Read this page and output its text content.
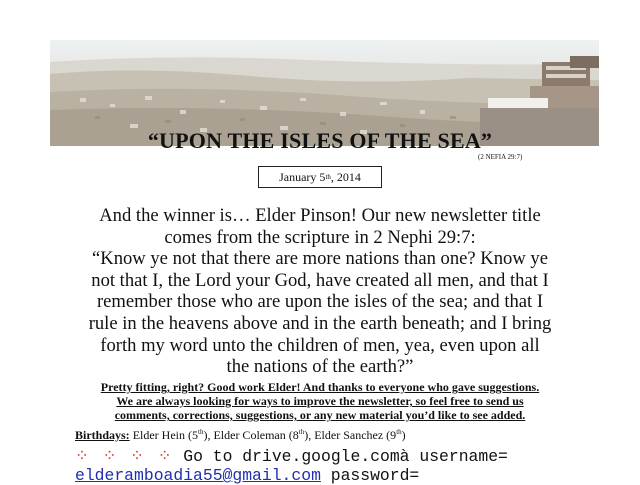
“UPON THE ISLES OF THE SEA”
(2 NEFIA 29:7)
January 5 th , 2014
And the winner is… Elder Pinson! Our new newsletter title
comes from the scripture in 2 Nephi 29:7:
“Know ye not that there are more nations than one? Know ye
not that I, the Lord your God, have created all men, and that I
remember those who are upon the isles of the sea; and that I
rule in the heavens above and in the earth beneath; and I bring
forth my word unto the children of men, yea, even upon all
the nations of the earth?”
Pretty fitting, right? Good work Elder! And thanks to everyone who gave suggestions.
We are always looking for ways to improve the newsletter, so feel free to send us
comments, corrections, suggestions, or any new material you’d like to see added.
Birthdays: Elder Hein (5th), Elder Coleman (8th), Elder Sanchez (9th)
⁘ ⁘ ⁘ ⁘ Go to drive.google.comà username=
elderamboadia55@gmail.com password=
